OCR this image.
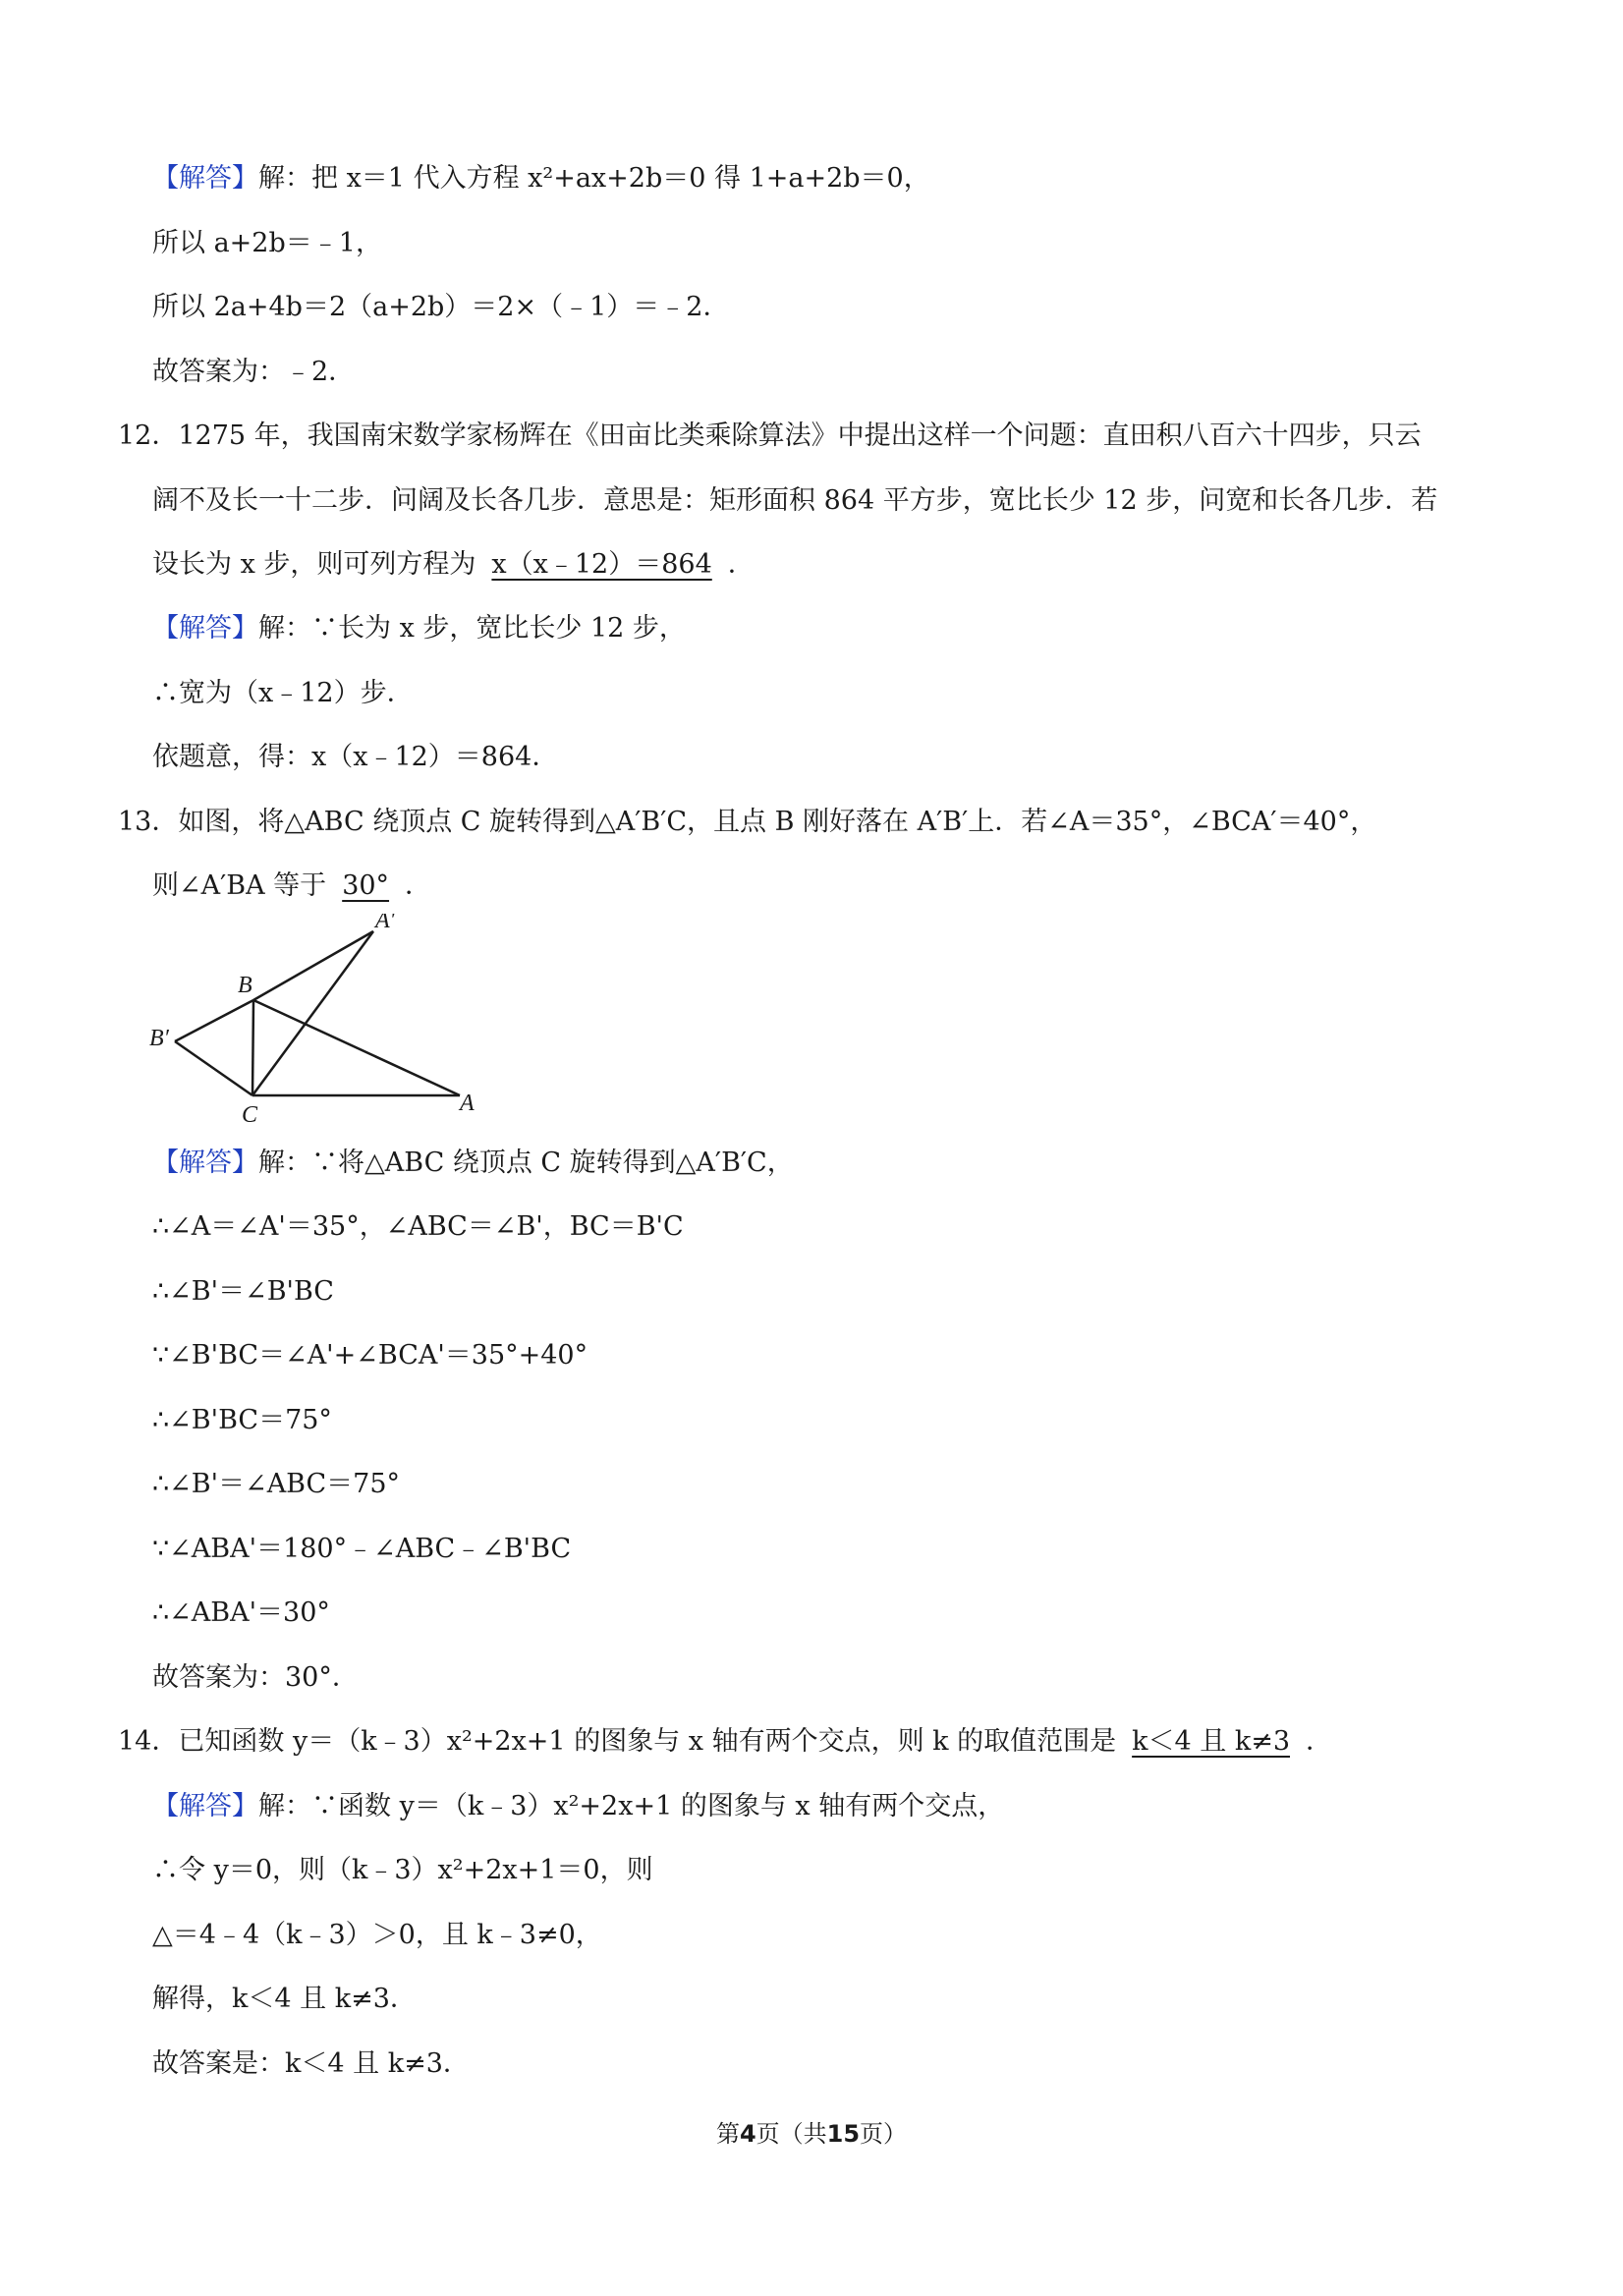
【解答】解：把 x＝1 代入方程 x²+ax+2b＝0 得 1+a+2b＝0，
所以 a+2b＝﹣1，
所以 2a+4b＝2（a+2b）＝2×（﹣1）＝﹣2．
故答案为：﹣2．
12．1275 年，我国南宋数学家杨辉在《田亩比类乘除算法》中提出这样一个问题：直田积八百六十四步，只云
阔不及长一十二步．问阔及长各几步．意思是：矩形面积 864 平方步，宽比长少 12 步，问宽和长各几步．若
设长为 x 步，则可列方程为 x（x﹣12）＝864 ．
【解答】解：∵长为 x 步，宽比长少 12 步，
∴宽为（x﹣12）步．
依题意，得：x（x﹣12）＝864．
13．如图，将△ABC 绕顶点 C 旋转得到△A′B′C，且点 B 刚好落在 A′B′上．若∠A＝35°，∠BCA′＝40°，
则∠A′BA 等于 30° ．
A′
B
B′
C	A
【解答】解：∵将△ABC 绕顶点 C 旋转得到△A′B′C，
∴∠A＝∠A'＝35°，∠ABC＝∠B'，BC＝B'C
∴∠B'＝∠B'BC
∵∠B'BC＝∠A'+∠BCA'＝35°+40°
∴∠B'BC＝75°
∴∠B'＝∠ABC＝75°
∵∠ABA'＝180°﹣∠ABC﹣∠B'BC
∴∠ABA'＝30°
故答案为：30°．
14．已知函数 y＝（k﹣3）x²+2x+1 的图象与 x 轴有两个交点，则 k 的取值范围是 k＜4 且 k≠3 ．
【解答】解：∵函数 y＝（k﹣3）x²+2x+1 的图象与 x 轴有两个交点，
∴令 y＝0，则（k﹣3）x²+2x+1＝0，则
△＝4﹣4（k﹣3）＞0，且 k﹣3≠0，
解得，k＜4 且 k≠3．
故答案是：k＜4 且 k≠3．
第4页（共15页）
